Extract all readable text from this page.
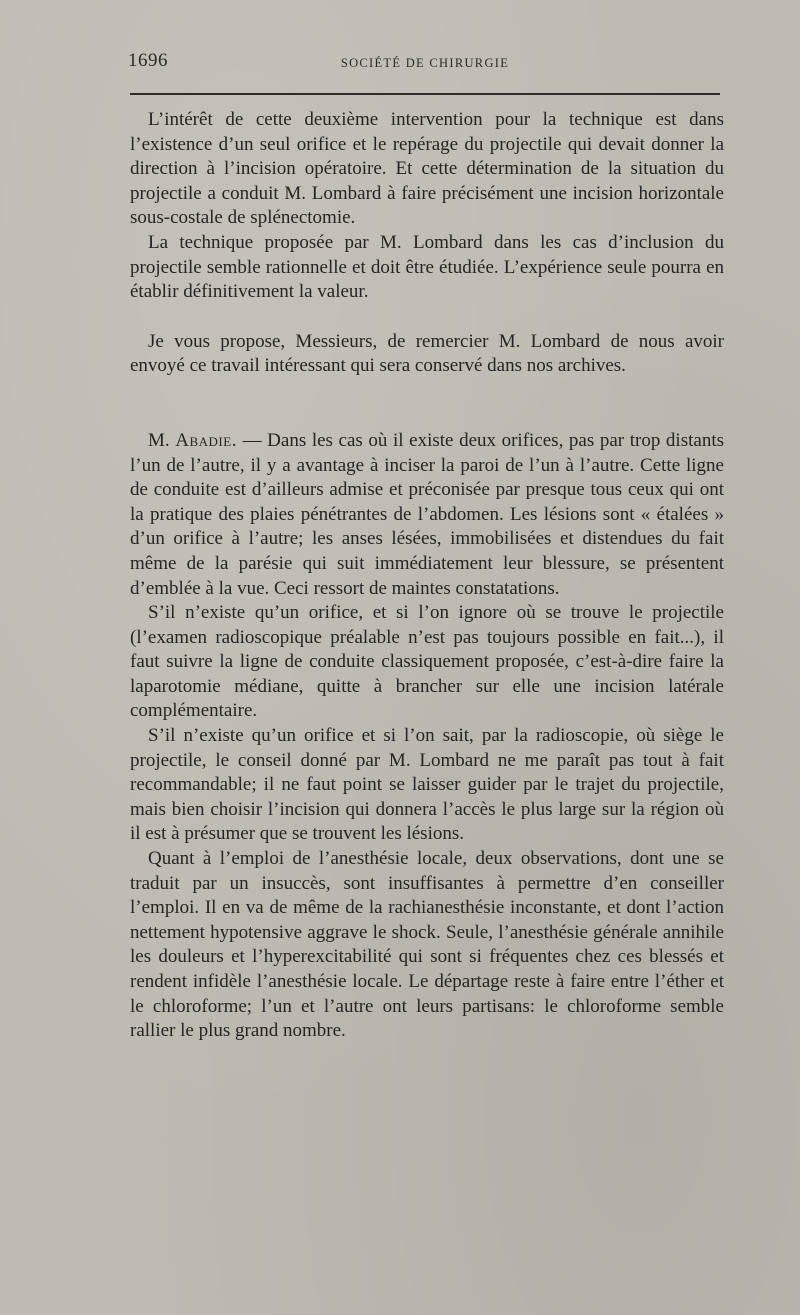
1696	SOCIÉTÉ DE CHIRURGIE

L’intérêt de cette deuxième intervention pour la technique est dans l’existence d’un seul orifice et le repérage du projectile qui devait donner la direction à l’incision opératoire. Et cette détermination de la situation du projectile a conduit M. Lombard à faire précisément une incision horizontale sous-costale de splénectomie.

La technique proposée par M. Lombard dans les cas d’inclusion du projectile semble rationnelle et doit être étudiée. L’expérience seule pourra en établir définitivement la valeur.

Je vous propose, Messieurs, de remercier M. Lombard de nous avoir envoyé ce travail intéressant qui sera conservé dans nos archives.

M. Abadie. — Dans les cas où il existe deux orifices, pas par trop distants l’un de l’autre, il y a avantage à inciser la paroi de l’un à l’autre. Cette ligne de conduite est d’ailleurs admise et préconisée par presque tous ceux qui ont la pratique des plaies pénétrantes de l’abdomen. Les lésions sont « étalées » d’un orifice à l’autre; les anses lésées, immobilisées et distendues du fait même de la parésie qui suit immédiatement leur blessure, se présentent d’emblée à la vue. Ceci ressort de maintes constatations.

S’il n’existe qu’un orifice, et si l’on ignore où se trouve le projectile (l’examen radioscopique préalable n’est pas toujours possible en fait...), il faut suivre la ligne de conduite classiquement proposée, c’est-à-dire faire la laparotomie médiane, quitte à brancher sur elle une incision latérale complémentaire.

S’il n’existe qu’un orifice et si l’on sait, par la radioscopie, où siège le projectile, le conseil donné par M. Lombard ne me paraît pas tout à fait recommandable; il ne faut point se laisser guider par le trajet du projectile, mais bien choisir l’incision qui donnera l’accès le plus large sur la région où il est à présumer que se trouvent les lésions.

Quant à l’emploi de l’anesthésie locale, deux observations, dont une se traduit par un insuccès, sont insuffisantes à permettre d’en conseiller l’emploi. Il en va de même de la rachianesthésie inconstante, et dont l’action nettement hypotensive aggrave le shock. Seule, l’anesthésie générale annihile les douleurs et l’hyperexcitabilité qui sont si fréquentes chez ces blessés et rendent infidèle l’anesthésie locale. Le départage reste à faire entre l’éther et le chloroforme; l’un et l’autre ont leurs partisans: le chloroforme semble rallier le plus grand nombre.
